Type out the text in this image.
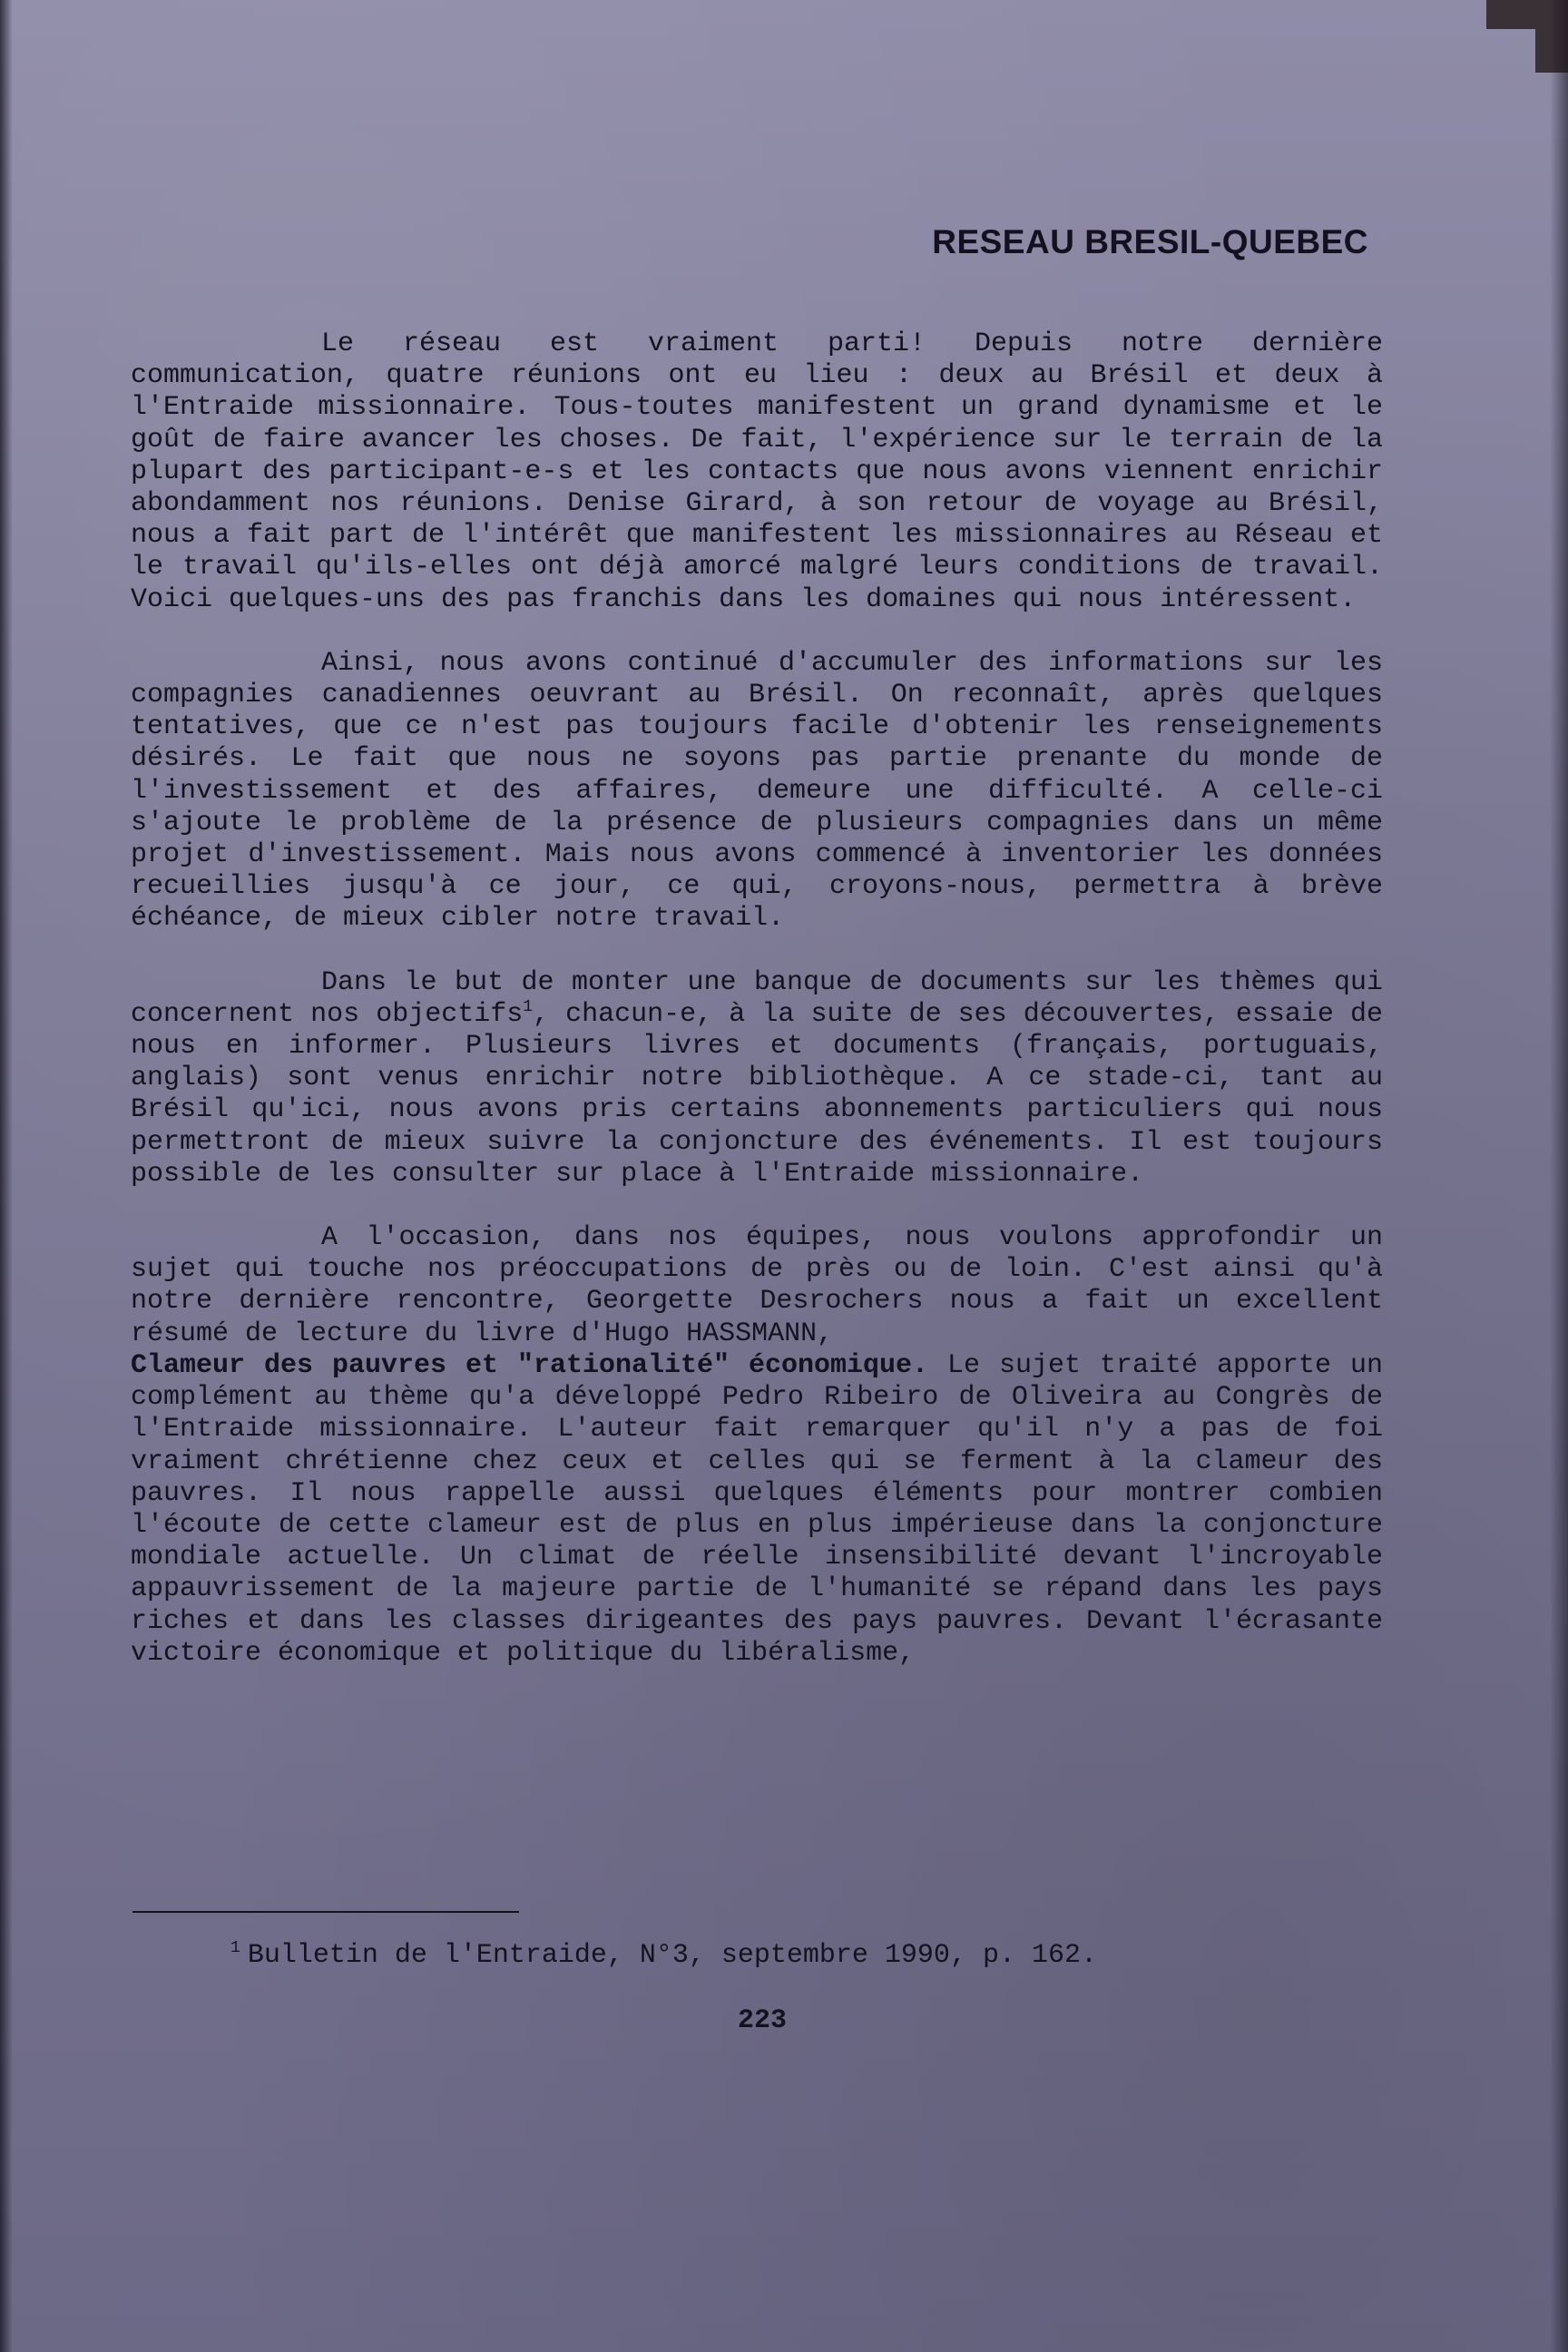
RESEAU BRESIL-QUEBEC

Le réseau est vraiment parti! Depuis notre dernière communication, quatre réunions ont eu lieu : deux au Brésil et deux à l'Entraide missionnaire. Tous-toutes manifestent un grand dynamisme et le goût de faire avancer les choses. De fait, l'expérience sur le terrain de la plupart des participant-e-s et les contacts que nous avons viennent enrichir abondamment nos réunions. Denise Girard, à son retour de voyage au Brésil, nous a fait part de l'intérêt que manifestent les missionnaires au Réseau et le travail qu'ils-elles ont déjà amorcé malgré leurs conditions de travail. Voici quelques-uns des pas franchis dans les domaines qui nous intéressent.

Ainsi, nous avons continué d'accumuler des informations sur les compagnies canadiennes oeuvrant au Brésil. On reconnaît, après quelques tentatives, que ce n'est pas toujours facile d'obtenir les renseignements désirés. Le fait que nous ne soyons pas partie prenante du monde de l'investissement et des affaires, demeure une difficulté. A celle-ci s'ajoute le problème de la présence de plusieurs compagnies dans un même projet d'investissement. Mais nous avons commencé à inventorier les données recueillies jusqu'à ce jour, ce qui, croyons-nous, permettra à brève échéance, de mieux cibler notre travail.

Dans le but de monter une banque de documents sur les thèmes qui concernent nos objectifs$^1$, chacun-e, à la suite de ses découvertes, essaie de nous en informer. Plusieurs livres et documents (français, portuguais, anglais) sont venus enrichir notre bibliothèque. A ce stade-ci, tant au Brésil qu'ici, nous avons pris certains abonnements particuliers qui nous permettront de mieux suivre la conjoncture des événements. Il est toujours possible de les consulter sur place à l'Entraide missionnaire.

A l'occasion, dans nos équipes, nous voulons approfondir un sujet qui touche nos préoccupations de près ou de loin. C'est ainsi qu'à notre dernière rencontre, Georgette Desrochers nous a fait un excellent résumé de lecture du livre d'Hugo HASSMANN,
Clameur des pauvres et "rationalité" économique. Le sujet traité apporte un complément au thème qu'a développé Pedro Ribeiro de Oliveira au Congrès de l'Entraide missionnaire. L'auteur fait remarquer qu'il n'y a pas de foi vraiment chrétienne chez ceux et celles qui se ferment à la clameur des pauvres. Il nous rappelle aussi quelques éléments pour montrer combien l'écoute de cette clameur est de plus en plus impérieuse dans la conjoncture mondiale actuelle. Un climat de réelle insensibilité devant l'incroyable appauvrissement de la majeure partie de l'humanité se répand dans les pays riches et dans les classes dirigeantes des pays pauvres. Devant l'écrasante victoire économique et politique du libéralisme,

$^1$ Bulletin de l'Entraide, N°3, septembre 1990, p. 162.
223
